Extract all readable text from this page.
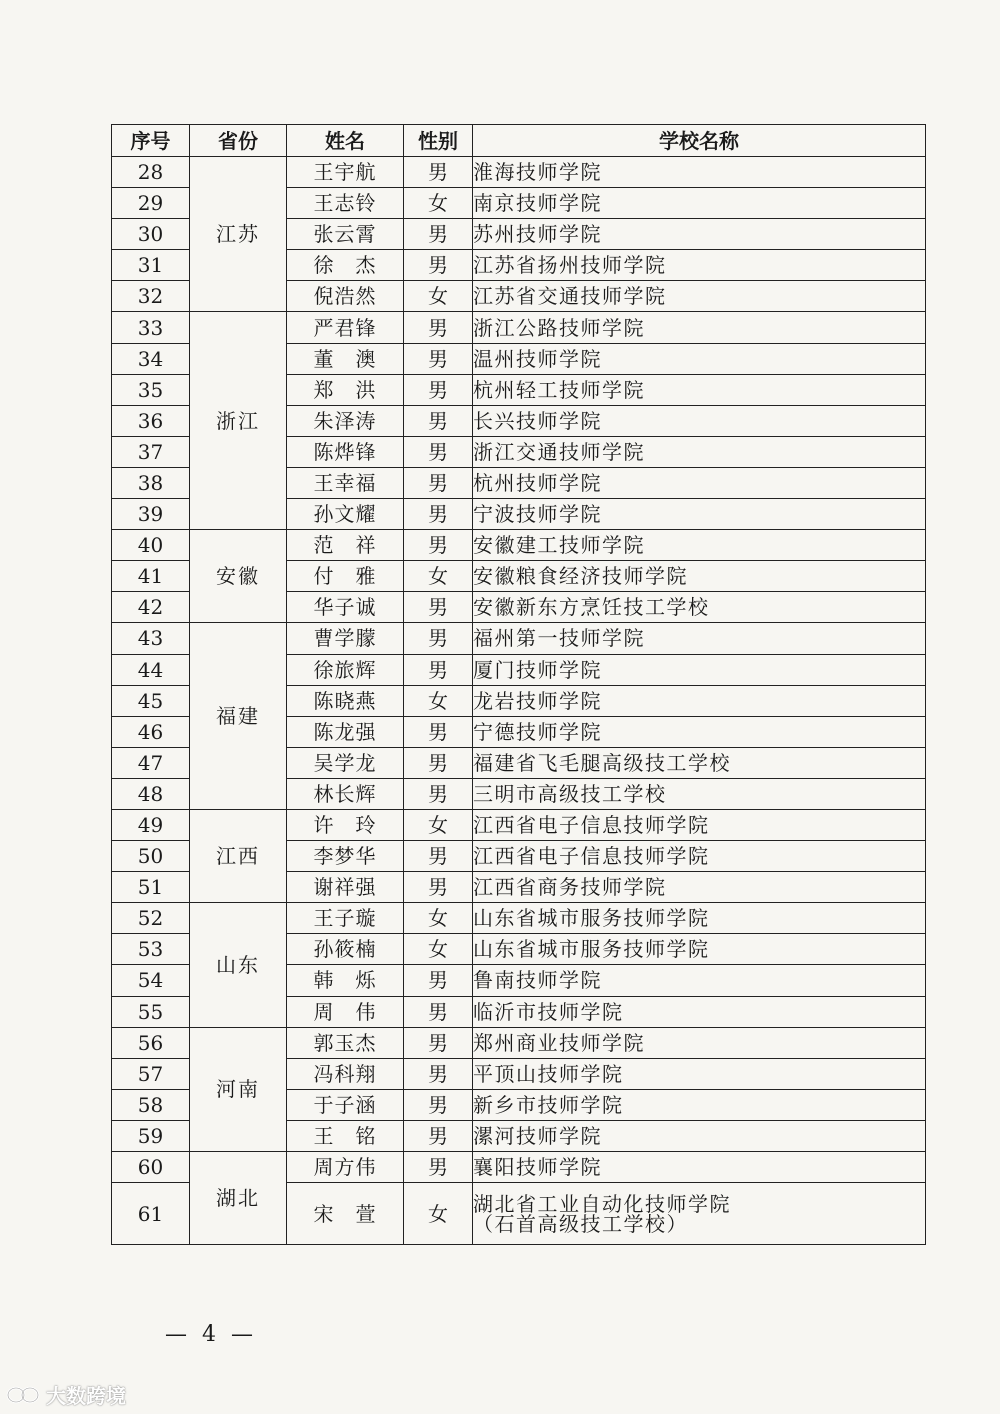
序号	省份	姓名	性别	学校名称
28	江苏	王宇航	男	淮海技师学院

29		王志铃	女	南京技师学院

30		张云霄	男	苏州技师学院

31		徐　杰	男	江苏省扬州技师学院

32		倪浩然	女	江苏省交通技师学院

33	浙江	严君锋	男	浙江公路技师学院

34		董　澳	男	温州技师学院

35		郑　洪	男	杭州轻工技师学院

36		朱泽涛	男	长兴技师学院

37		陈烨锋	男	浙江交通技师学院

38		王幸福	男	杭州技师学院

39		孙文耀	男	宁波技师学院

40	安徽	范　祥	男	安徽建工技师学院

41		付　雅	女	安徽粮食经济技师学院

42		华子诚	男	安徽新东方烹饪技工学校

43	福建	曹学朦	男	福州第一技师学院

44		徐旅辉	男	厦门技师学院

45		陈晓燕	女	龙岩技师学院

46		陈龙强	男	宁德技师学院

47		吴学龙	男	福建省飞毛腿高级技工学校

48		林长辉	男	三明市高级技工学校

49	江西	许　玲	女	江西省电子信息技师学院

50		李梦华	男	江西省电子信息技师学院

51		谢祥强	男	江西省商务技师学院

52	山东	王子璇	女	山东省城市服务技师学院

53		孙筱楠	女	山东省城市服务技师学院

54		韩　烁	男	鲁南技师学院

55		周　伟	男	临沂市技师学院

56	河南	郭玉杰	男	郑州商业技师学院

57		冯科翔	男	平顶山技师学院

58		于子涵	男	新乡市技师学院

59		王　铭	男	漯河技师学院

60	湖北	周方伟	男	襄阳技师学院

61		宋　萱	女	湖北省工业自动化技师学院
（石首高级技工学校）
— 4 —
大数跨境
